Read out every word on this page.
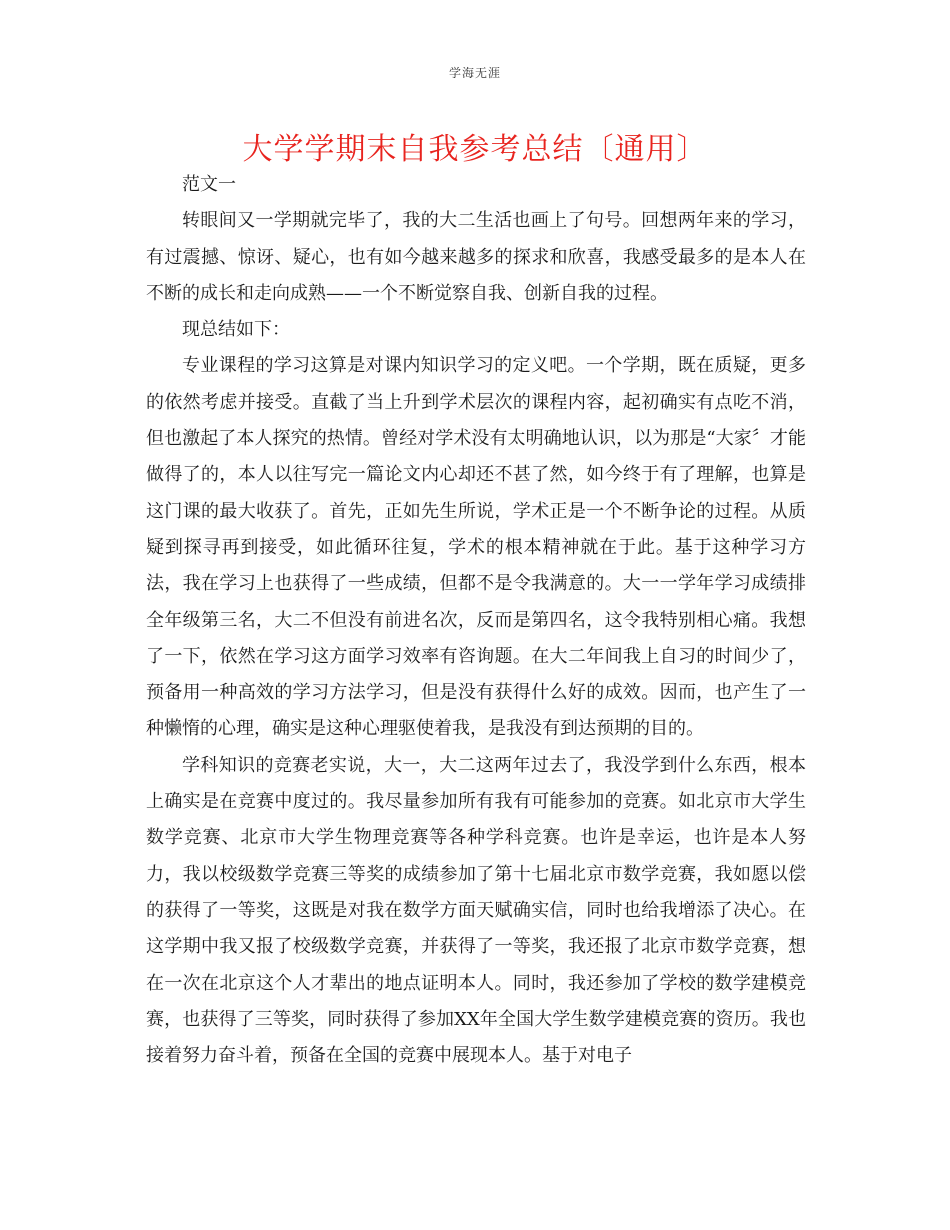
学海无涯
大学学期末自我参考总结〔通用〕

范文一

转眼间又一学期就完毕了，我的大二生活也画上了句号。回想两年来的学习，有过震撼、惊讶、疑心，也有如今越来越多的探求和欣喜，我感受最多的是本人在不断的成长和走向成熟——一个不断觉察自我、创新自我的过程。

现总结如下：

专业课程的学习这算是对课内知识学习的定义吧。一个学期，既在质疑，更多的依然考虑并接受。直截了当上升到学术层次的课程内容，起初确实有点吃不消，但也激起了本人探究的热情。曾经对学术没有太明确地认识，以为那是“大家〞才能做得了的，本人以往写完一篇论文内心却还不甚了然，如今终于有了理解，也算是这门课的最大收获了。首先，正如先生所说，学术正是一个不断争论的过程。从质疑到探寻再到接受，如此循环往复，学术的根本精神就在于此。基于这种学习方法，我在学习上也获得了一些成绩，但都不是令我满意的。大一一学年学习成绩排全年级第三名，大二不但没有前进名次，反而是第四名，这令我特别相心痛。我想了一下，依然在学习这方面学习效率有咨询题。在大二年间我上自习的时间少了，预备用一种高效的学习方法学习，但是没有获得什么好的成效。因而，也产生了一种懒惰的心理，确实是这种心理驱使着我，是我没有到达预期的目的。

学科知识的竞赛老实说，大一，大二这两年过去了，我没学到什么东西，根本上确实是在竞赛中度过的。我尽量参加所有我有可能参加的竞赛。如北京市大学生数学竞赛、北京市大学生物理竞赛等各种学科竞赛。也许是幸运，也许是本人努力，我以校级数学竞赛三等奖的成绩参加了第十七届北京市数学竞赛，我如愿以偿的获得了一等奖，这既是对我在数学方面天赋确实信，同时也给我增添了决心。在这学期中我又报了校级数学竞赛，并获得了一等奖，我还报了北京市数学竞赛，想在一次在北京这个人才辈出的地点证明本人。同时，我还参加了学校的数学建模竞赛，也获得了三等奖，同时获得了参加XX年全国大学生数学建模竞赛的资历。我也接着努力奋斗着，预备在全国的竞赛中展现本人。基于对电子
